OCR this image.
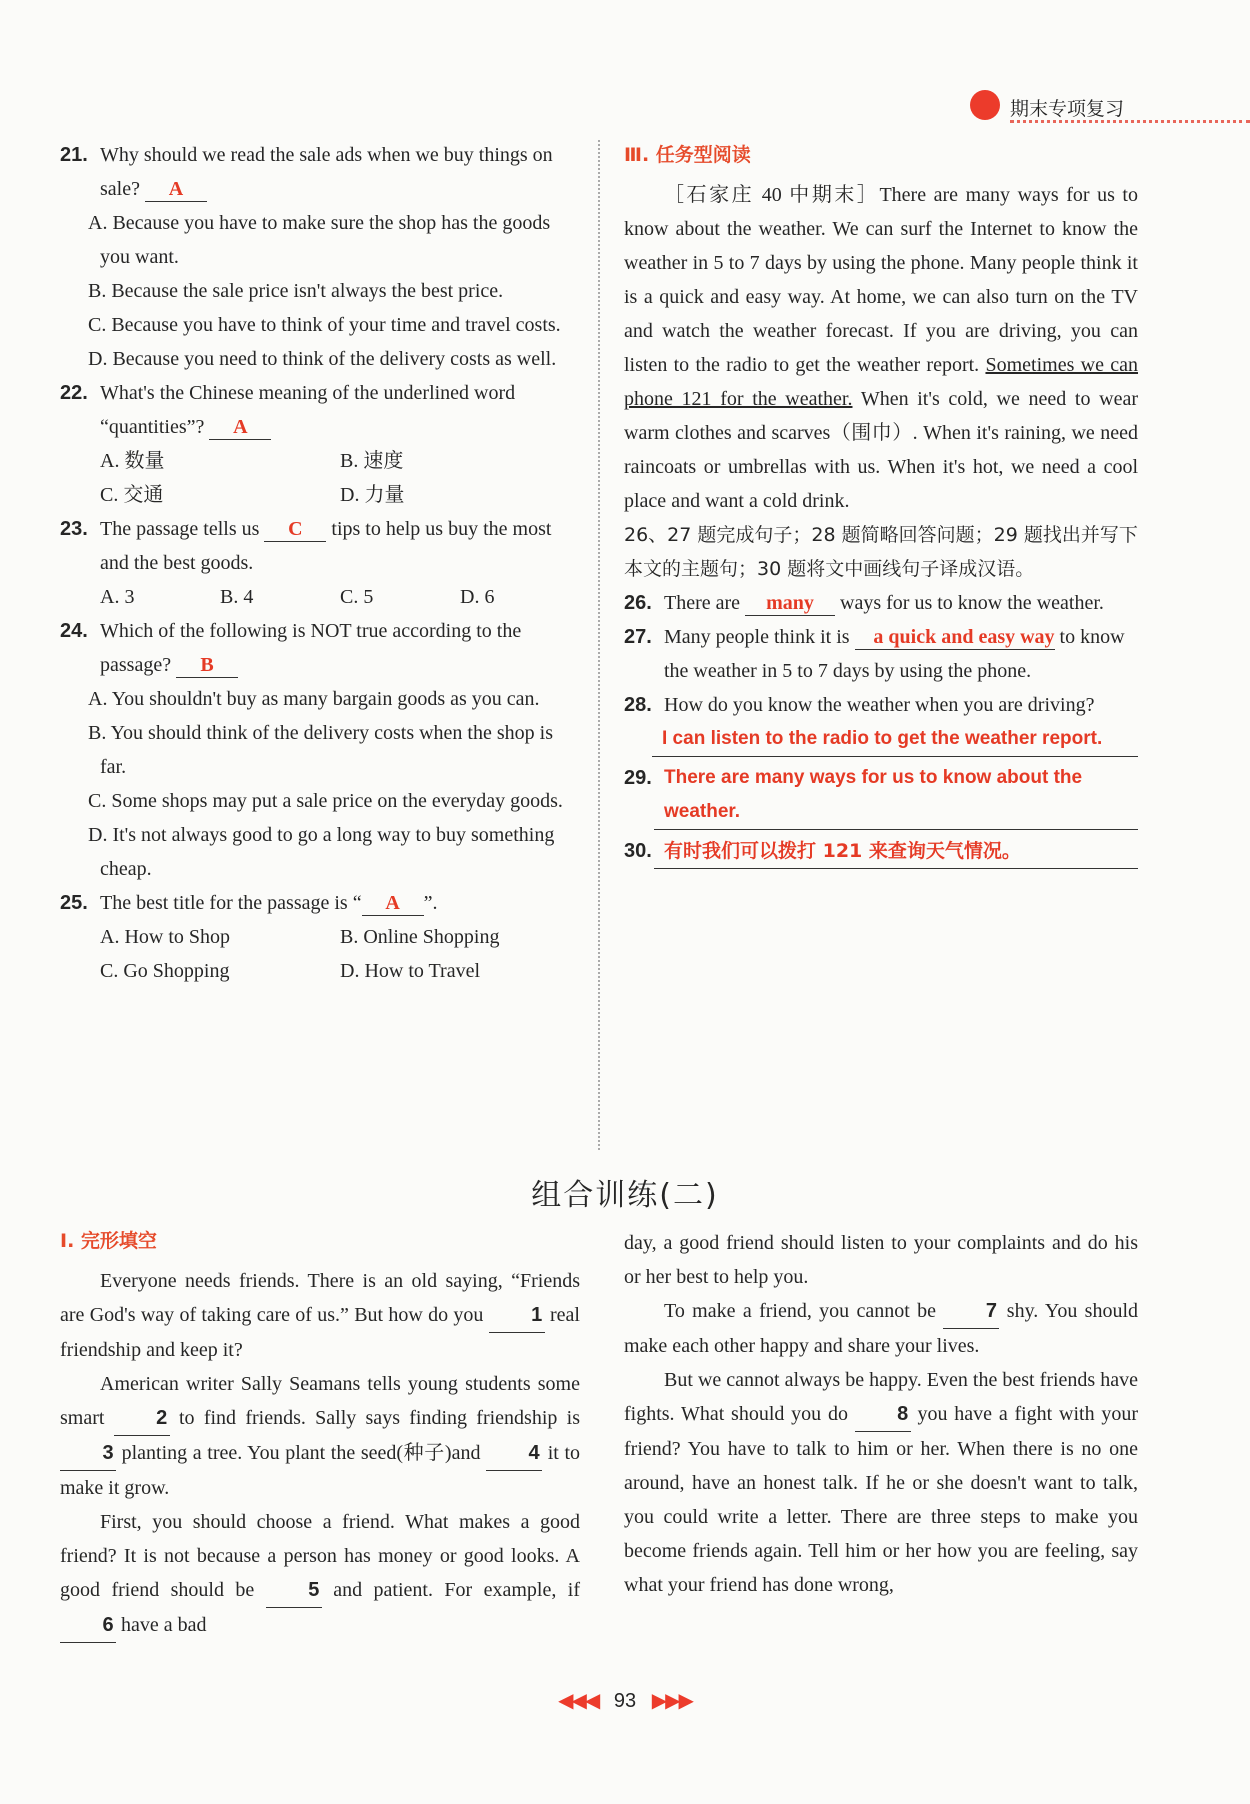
期末专项复习
21. Why should we read the sale ads when we buy things on sale? A

A. Because you have to make sure the shop has the goods you want.

B. Because the sale price isn't always the best price.

C. Because you have to think of your time and travel costs.

D. Because you need to think of the delivery costs as well.

22. What's the Chinese meaning of the underlined word “quantities”? A
A. 数量	B. 速度
C. 交通	D. 力量
23. The passage tells us C tips to help us buy the most and the best goods.
A. 3	B. 4	C. 5	D. 6
24. Which of the following is NOT true according to the passage? B

A. You shouldn't buy as many bargain goods as you can.

B. You should think of the delivery costs when the shop is far.

C. Some shops may put a sale price on the everyday goods.

D. It's not always good to go a long way to buy something cheap.

25. The best title for the passage is “ A ”.
A. How to Shop	B. Online Shopping
C. Go Shopping	D. How to Travel

Ⅲ. 任务型阅读

［石家庄 40 中期末］There are many ways for us to know about the weather. We can surf the Internet to know the weather in 5 to 7 days by using the phone. Many people think it is a quick and easy way. At home, we can also turn on the TV and watch the weather forecast. If you are driving, you can listen to the radio to get the weather report. Sometimes we can phone 121 for the weather. When it's cold, we need to wear warm clothes and scarves（围巾）. When it's raining, we need raincoats or umbrellas with us. When it's hot, we need a cool place and want a cold drink.

26、27 题完成句子；28 题简略回答问题；29 题找出并写下本文的主题句；30 题将文中画线句子译成汉语。

26. There are many ways for us to know the weather.
27. Many people think it is a quick and easy way to know the weather in 5 to 7 days by using the phone.
28. How do you know the weather when you are driving?
I can listen to the radio to get the weather report.
29. There are many ways for us to know about the weather.
30. 有时我们可以拨打 121 来查询天气情况。
组合训练(二)

Ⅰ. 完形填空

Everyone needs friends. There is an old saying, “Friends are God's way of taking care of us.” But how do you 1 real friendship and keep it?

American writer Sally Seamans tells young students some smart	2 to find friends. Sally says finding friendship is 3 planting a tree. You plant the seed(种子)and 4 it to make it grow.

First, you should choose a friend. What makes a good friend? It is not because a person has money or good looks. A good friend should be	5 and patient. For example, if 6 have a bad

day, a good friend should listen to your complaints and do his or her best to help you.

To make a friend, you cannot be 7 shy. You should make each other happy and share your lives.

But we cannot always be happy. Even the best friends have fights. What should you do 8 you have a fight with your friend? You have to talk to him or her. When there is no one around, have an honest talk. If he or she doesn't want to talk, you could write a letter. There are three steps to make you become friends again. Tell him or her how you are feeling, say what your friend has done wrong,

◀◀◀ 93 ▶▶▶
